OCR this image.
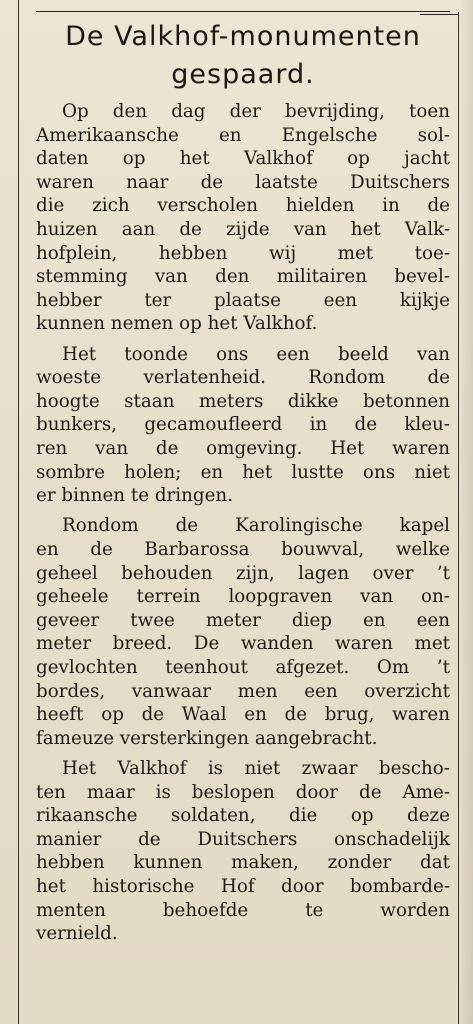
De Valkhof-monumenten
gespaard.
Op den dag der bevrijding, toen
Amerikaansche en Engelsche sol-
daten op het Valkhof op jacht
waren naar de laatste Duitschers
die zich verscholen hielden in de
huizen aan de zijde van het Valk-
hofplein, hebben wij met toe-
stemming van den militairen bevel-
hebber ter plaatse een kijkje
kunnen nemen op het Valkhof.
Het toonde ons een beeld van
woeste verlatenheid. Rondom de
hoogte staan meters dikke betonnen
bunkers, gecamoufleerd in de kleu-
ren van de omgeving. Het waren
sombre holen; en het lustte ons niet
er binnen te dringen.
Rondom de Karolingische kapel
en de Barbarossa bouwval, welke
geheel behouden zijn, lagen over ’t
geheele terrein loopgraven van on-
geveer twee meter diep en een
meter breed. De wanden waren met
gevlochten teenhout afgezet. Om ’t
bordes, vanwaar men een overzicht
heeft op de Waal en de brug, waren
fameuze versterkingen aangebracht.
Het Valkhof is niet zwaar bescho-
ten maar is beslopen door de Ame-
rikaansche soldaten, die op deze
manier de Duitschers onschadelijk
hebben kunnen maken, zonder dat
het historische Hof door bombarde-
menten behoefde te worden
vernield.
